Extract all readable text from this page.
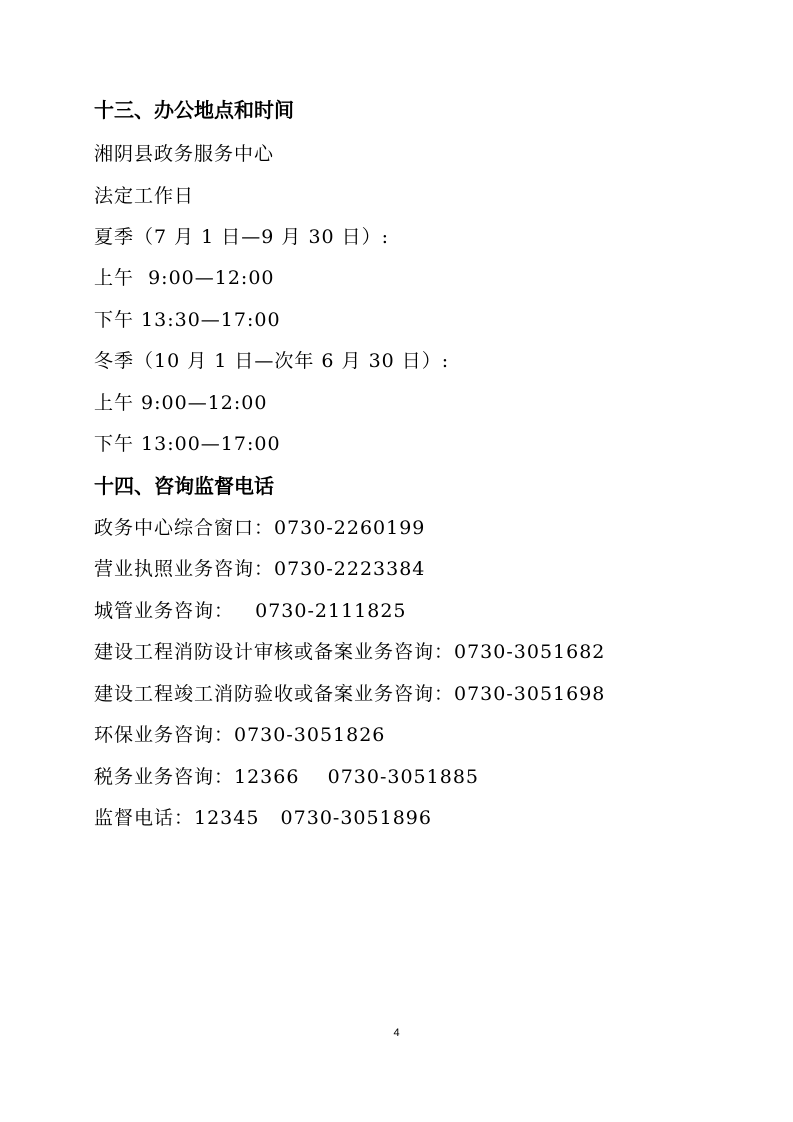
十三、办公地点和时间
湘阴县政务服务中心
法定工作日
夏季（7 月 1 日—9 月 30 日）:
上午  9:00—12:00
下午 13:30—17:00
冬季（10 月 1 日—次年 6 月 30 日）:
上午 9:00—12:00
下午 13:00—17:00
十四、咨询监督电话
政务中心综合窗口：0730-2260199
营业执照业务咨询：0730-2223384
城管业务咨询：   0730-2111825
建设工程消防设计审核或备案业务咨询：0730-3051682
建设工程竣工消防验收或备案业务咨询：0730-3051698
环保业务咨询：0730-3051826
税务业务咨询：12366    0730-3051885
监督电话：12345   0730-3051896
4
